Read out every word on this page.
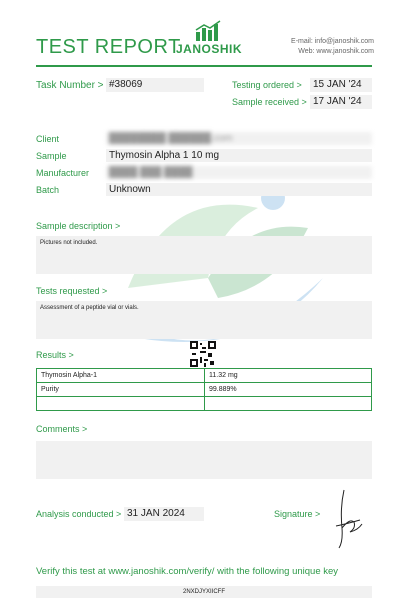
TEST REPORT
JANOSHIK
E-mail: info@janoshik.com
Web: www.janoshik.com
Task Number > #38069	Testing ordered >	15 JAN '24
Sample received > 17 JAN '24
Client	████████ ██████.com
Sample	Thymosin Alpha 1 10 mg
Manufacturer	████ ███ ████
Batch	Unknown
Sample description >
Pictures not included.
Tests requested >
Assessment of a peptide vial or vials.
Results >
Thymosin Alpha-1	11.32 mg
Purity	99.889%

Comments >
Analysis conducted > 31 JAN 2024	Signature >
Verify this test at www.janoshik.com/verify/ with the following unique key
2NXDJYXIICFF
